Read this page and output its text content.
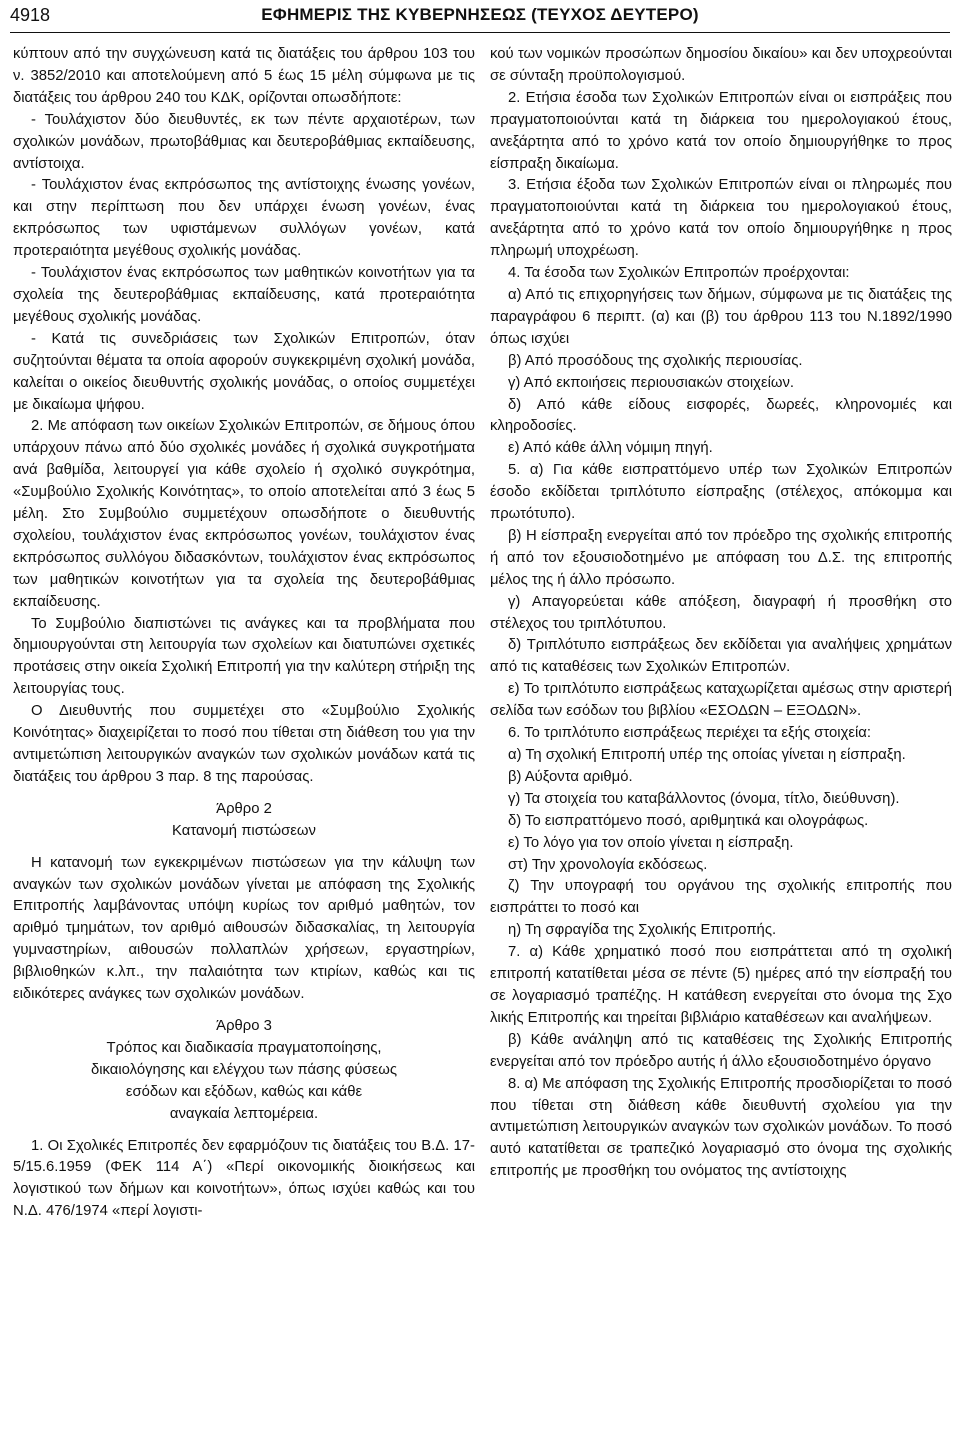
4918	ΕΦΗΜΕΡΙΣ ΤΗΣ ΚΥΒΕΡΝΗΣΕΩΣ (ΤΕΥΧΟΣ ΔΕΥΤΕΡΟ)

κύπτουν από την συγχώνευση κατά τις διατάξεις του άρθρου 103 του ν. 3852/2010 και αποτελούμενη από 5 έως 15 μέλη σύμφωνα με τις διατάξεις του άρθρου 240 του ΚΔΚ, ορίζονται οπωσδήποτε:

- Τουλάχιστον δύο διευθυντές, εκ των πέντε αρχαιοτέρων, των σχολικών μονάδων, πρωτοβάθμιας και δευτεροβάθμιας εκπαίδευσης, αντίστοιχα.

- Τουλάχιστον ένας εκπρόσωπος της αντίστοιχης ένωσης γονέων, και στην περίπτωση που δεν υπάρχει ένωση γονέων, ένας εκπρόσωπος των υφιστάμενων συλλόγων γονέων, κατά προτεραιότητα μεγέθους σχολικής μονάδας.

- Τουλάχιστον ένας εκπρόσωπος των μαθητικών κοινοτήτων για τα σχολεία της δευτεροβάθμιας εκπαίδευσης, κατά προτεραιότητα μεγέθους σχολικής μονάδας.

- Κατά τις συνεδριάσεις των Σχολικών Επιτροπών, όταν συζητούνται θέματα τα οποία αφορούν συγκεκριμένη σχολική μονάδα, καλείται ο οικείος διευθυντής σχολικής μονάδας, ο οποίος συμμετέχει με δικαίωμα ψήφου.

2. Με απόφαση των οικείων Σχολικών Επιτροπών, σε δήμους όπου υπάρχουν πάνω από δύο σχολικές μονάδες ή σχολικά συγκροτήματα ανά βαθμίδα, λειτουργεί για κάθε σχολείο ή σχολικό συγκρότημα, «Συμβούλιο Σχολικής Κοινότητας», το οποίο αποτελείται από 3 έως 5 μέλη. Στο Συμβούλιο συμμετέχουν οπωσδήποτε ο διευθυντής σχολείου, τουλάχιστον ένας εκπρόσωπος γονέων, τουλάχιστον ένας εκπρόσωπος συλλόγου διδασκόντων, τουλάχιστον ένας εκπρόσωπος των μαθητικών κοινοτήτων για τα σχολεία της δευτεροβάθμιας εκπαίδευσης.

Το Συμβούλιο διαπιστώνει τις ανάγκες και τα προβλήματα που δημιουργούνται στη λειτουργία των σχολείων και διατυπώνει σχετικές προτάσεις στην οικεία Σχολική Επιτροπή για την καλύτερη στήριξη της λειτουργίας τους.

Ο Διευθυντής που συμμετέχει στο «Συμβούλιο Σχολικής Κοινότητας» διαχειρίζεται το ποσό που τίθεται στη διάθεση του για την αντιμετώπιση λειτουργικών αναγκών των σχολικών μονάδων κατά τις διατάξεις του άρθρου 3 παρ. 8 της παρούσας.

Άρθρο 2

Κατανομή πιστώσεων

Η κατανομή των εγκεκριμένων πιστώσεων για την κάλυψη των αναγκών των σχολικών μονάδων γίνεται με απόφαση της Σχολικής Επιτροπής λαμβάνοντας υπόψη κυρίως τον αριθμό μαθητών, τον αριθμό τμημάτων, τον αριθμό αιθουσών διδασκαλίας, τη λειτουργία γυμναστηρίων, αιθουσών πολλαπλών χρήσεων, εργαστηρίων, βιβλιοθηκών κ.λπ., την παλαιότητα των κτιρίων, καθώς και τις ειδικότερες ανάγκες των σχολικών μονάδων.

Άρθρο 3

Τρόπος και διαδικασία πραγματοποίησης,

δικαιολόγησης και ελέγχου των πάσης φύσεως

εσόδων και εξόδων, καθώς και κάθε

αναγκαία λεπτομέρεια.

1. Οι Σχολικές Επιτροπές δεν εφαρμόζουν τις διατάξεις του Β.Δ. 17- 5/15.6.1959 (ΦΕΚ 114 Α΄) «Περί οικονομικής διοικήσεως και λογιστικού των δήμων και κοινοτήτων», όπως ισχύει καθώς και του Ν.Δ. 476/1974 «περί λογιστι-

κού των νομικών προσώπων δημοσίου δικαίου» και δεν υποχρεούνται σε σύνταξη προϋπολογισμού.

2. Ετήσια έσοδα των Σχολικών Επιτροπών είναι οι εισπράξεις που πραγματοποιούνται κατά τη διάρκεια του ημερολογιακού έτους, ανεξάρτητα από το χρόνο κατά τον οποίο δημιουργήθηκε το προς είσπραξη δικαίωμα.

3. Ετήσια έξοδα των Σχολικών Επιτροπών είναι οι πληρωμές που πραγματοποιούνται κατά τη διάρκεια του ημερολογιακού έτους, ανεξάρτητα από το χρόνο κατά τον οποίο δημιουργήθηκε η προς πληρωμή υποχρέωση.

4. Τα έσοδα των Σχολικών Επιτροπών προέρχονται:

α) Από τις επιχορηγήσεις των δήμων, σύμφωνα με τις διατάξεις της παραγράφου 6 περιπτ. (α) και (β) του άρθρου 113 του Ν.1892/1990 όπως ισχύει

β) Από προσόδους της σχολικής περιουσίας.

γ) Από εκποιήσεις περιουσιακών στοιχείων.

δ) Από κάθε είδους εισφορές, δωρεές, κληρονομιές και κληροδοσίες.

ε) Από κάθε άλλη νόμιμη πηγή.

5. α) Για κάθε εισπραττόμενο υπέρ των Σχολικών Επιτροπών έσοδο εκδίδεται τριπλότυπο είσπραξης (στέλεχος, απόκομμα και πρωτότυπο).

β) Η είσπραξη ενεργείται από τον πρόεδρο της σχολικής επιτροπής ή από τον εξουσιοδοτημένο με απόφαση του Δ.Σ. της επιτροπής μέλος της ή άλλο πρόσωπο.

γ) Απαγορεύεται κάθε απόξεση, διαγραφή ή προσθήκη στο στέλεχος του τριπλότυπου.

δ) Τριπλότυπο εισπράξεως δεν εκδίδεται για αναλήψεις χρημάτων από τις καταθέσεις των Σχολικών Επιτροπών.

ε) Το τριπλότυπο εισπράξεως καταχωρίζεται αμέσως στην αριστερή σελίδα των εσόδων του βιβλίου «ΕΣΟΔΩΝ – ΕΞΟΔΩΝ».

6. Το τριπλότυπο εισπράξεως περιέχει τα εξής στοιχεία:

α) Τη σχολική Επιτροπή υπέρ της οποίας γίνεται η είσπραξη.

β) Αύξοντα αριθμό.

γ) Τα στοιχεία του καταβάλλοντος (όνομα, τίτλο, διεύθυνση).

δ) Το εισπραττόμενο ποσό, αριθμητικά και ολογράφως.

ε) Το λόγο για τον οποίο γίνεται η είσπραξη.

στ) Την χρονολογία εκδόσεως.

ζ) Την υπογραφή του οργάνου της σχολικής επιτροπής που εισπράττει το ποσό και

η) Τη σφραγίδα της Σχολικής Επιτροπής.

7. α) Κάθε χρηματικό ποσό που εισπράττεται από τη σχολική επιτροπή κατατίθεται μέσα σε πέντε (5) ημέρες από την είσπραξή του σε λογαριασμό τραπέζης. Η κατάθεση ενεργείται στο όνομα της Σχο λικής Επιτροπής και τηρείται βιβλιάριο καταθέσεων και αναλήψεων.

β) Κάθε ανάληψη από τις καταθέσεις της Σχολικής Επιτροπής ενεργείται από τον πρόεδρο αυτής ή άλλο εξουσιοδοτημένο όργανο

8. α) Με απόφαση της Σχολικής Επιτροπής προσδιορίζεται το ποσό που τίθεται στη διάθεση κάθε διευθυντή σχολείου για την αντιμετώπιση λειτουργικών αναγκών των σχολικών μονάδων. Το ποσό αυτό κατατίθεται σε τραπεζικό λογαριασμό στο όνομα της σχολικής επιτροπής με προσθήκη του ονόματος της αντίστοιχης
